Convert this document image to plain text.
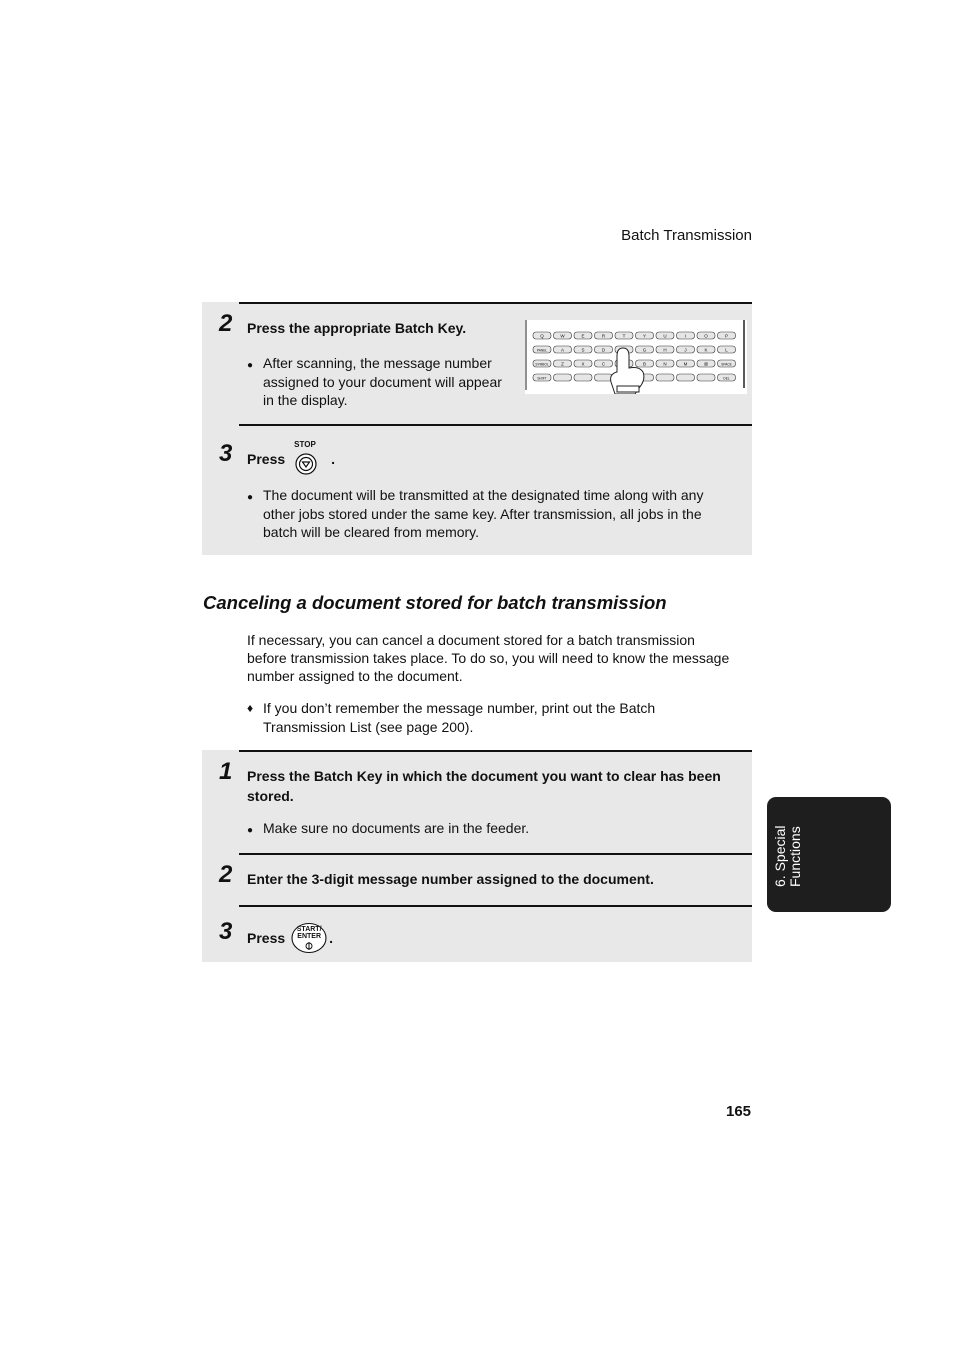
Batch Transmission
2 Press the appropriate Batch Key.
● After scanning, the message number
assigned to your document will appear
in the display.
Q	W	E	R	T	Y	U	I	O	P
PANEL	A	S	D	G	H	J	K	L
SYMBOL	Z	X	C	B	N	M	@	SPACE
SHIFT	DEL
3 Press
STOP
.
● The document will be transmitted at the designated time along with any
other jobs stored under the same key. After transmission, all jobs in the
batch will be cleared from memory.
Canceling a document stored for batch transmission
If necessary, you can cancel a document stored for a batch transmission
before transmission takes place. To do so, you will need to know the message
number assigned to the document.
♦ If you don’t remember the message number, print out the Batch
Transmission List (see page 200).
1 Press the Batch Key in which the document you want to clear has been
stored.
● Make sure no documents are in the feeder.
2 Enter the 3-digit message number assigned to the document.
3 Press
START/
ENTER .
6. Special Functions
165
